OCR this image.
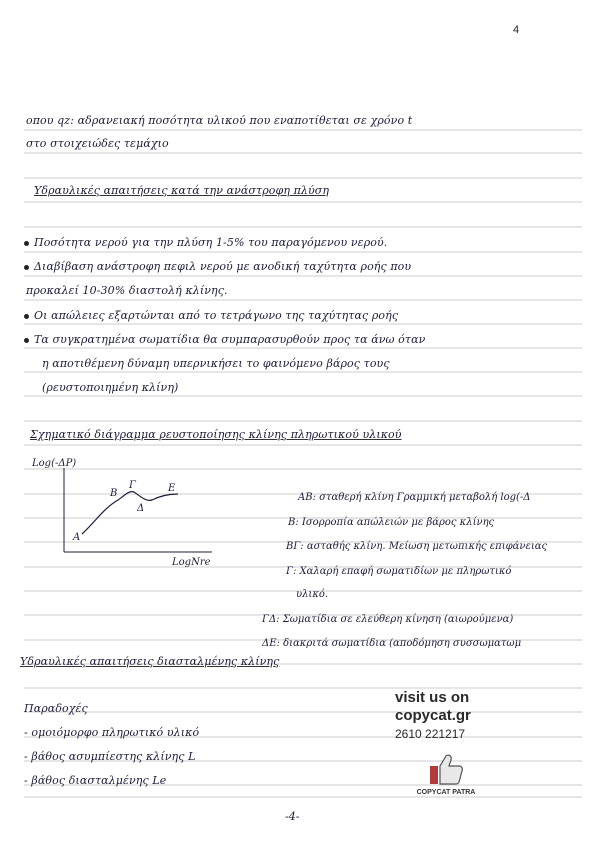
4
οπου qz: αδρανειακή ποσότητα υλικού που εναποτίθεται σε χρόνο t
στο στοιχειώδες τεμάχιο
Υδραυλικές απαιτήσεις κατά την ανάστροφη πλύση
Ποσότητα νερού για την πλύση 1-5% του παραγόμενου νερού.
Διαβίβαση ανάστροφη πεφιλ νερού με ανοδική ταχύτητα ροής που
προκαλεί 10-30% διαστολή κλίνης.
Οι απώλειες εξαρτώνται από το τετράγωνο της ταχύτητας ροής
Τα συγκρατημένα σωματίδια θα συμπαρασυρθούν προς τα άνω όταν
η αποτιθέμενη δύναμη υπερνικήσει το φαινόμενο βάρος τους
(ρευστοποιημένη κλίνη)
Σχηματικό διάγραμμα ρευστοποίησης κλίνης πληρωτικού υλικού
Log(-ΔΡ)
LogNre
A
B
Γ
Δ
E
ΑΒ: σταθερή κλίνη Γραμμική μεταβολή log(-Δ
Β: Ισορροπία απώλειών με βάρος κλίνης
ΒΓ: ασταθής κλίνη. Μείωση μετωπικής επιφάνειας
Γ: Χαλαρή επαφή σωματιδίων με πληρωτικό
υλικό.
ΓΔ: Σωματίδια σε ελεύθερη κίνηση (αιωρούμενα)
ΔΕ: διακριτά σωματίδια (αποδόμηση συσσωματωμ
Υδραυλικές απαιτήσεις διασταλμένης κλίνης
Παραδοχές
- ομοιόμορφο πληρωτικό υλικό
- βάθος ασυμπίεστης κλίνης L
- βάθος διασταλμένης Le
visit us on
copycat.gr
2610 221217
COPYCAT PATRA
-4-
